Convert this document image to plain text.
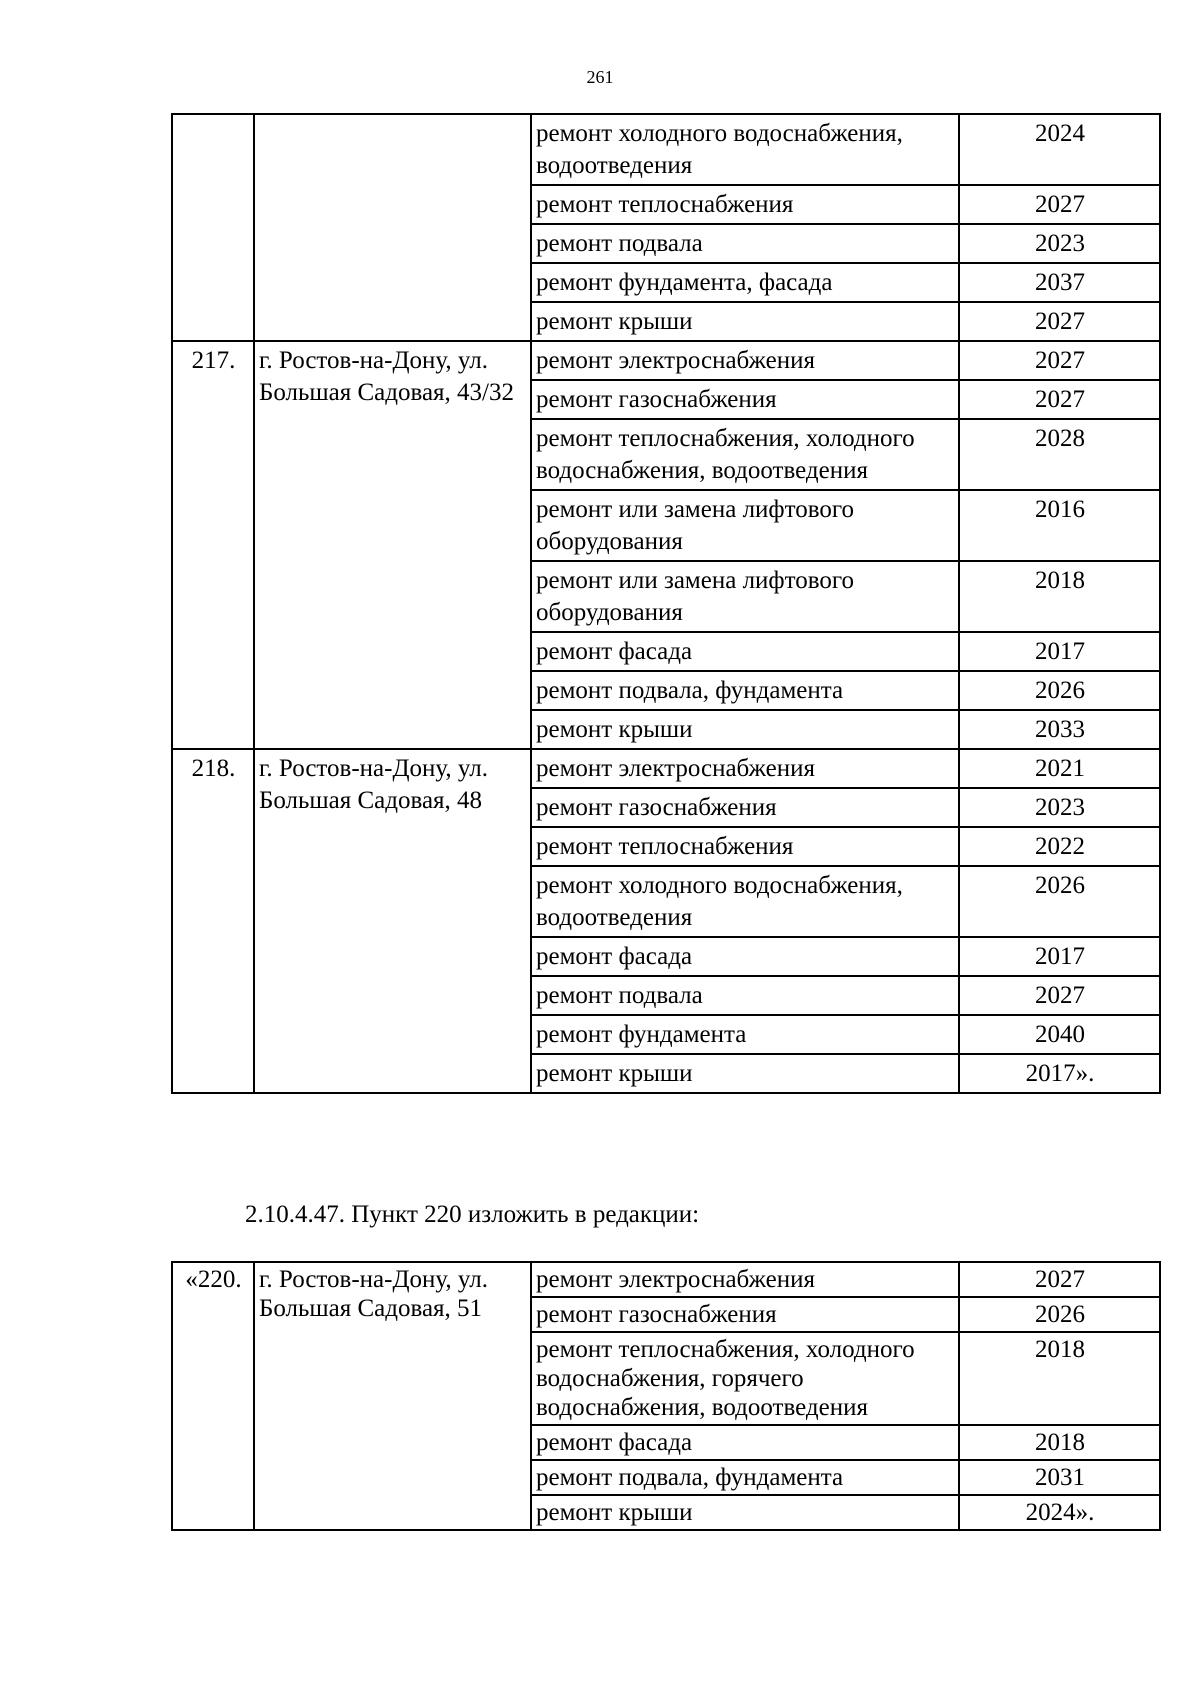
261
		ремонт холодного водоснабжения, водоотведения	2024
		ремонт теплоснабжения	2027
		ремонт подвала	2023
		ремонт фундамента, фасада	2037
		ремонт крыши	2027
217.	г. Ростов-на-Дону, ул. Большая Садовая, 43/32	ремонт электроснабжения	2027
		ремонт газоснабжения	2027
		ремонт теплоснабжения, холодного водоснабжения, водоотведения	2028
		ремонт или замена лифтового оборудования	2016
		ремонт или замена лифтового оборудования	2018
		ремонт фасада	2017
		ремонт подвала, фундамента	2026
		ремонт крыши	2033
218.	г. Ростов-на-Дону, ул. Большая Садовая, 48	ремонт электроснабжения	2021
		ремонт газоснабжения	2023
		ремонт теплоснабжения	2022
		ремонт холодного водоснабжения, водоотведения	2026
		ремонт фасада	2017
		ремонт подвала	2027
		ремонт фундамента	2040
		ремонт крыши	2017».
2.10.4.47. Пункт 220 изложить в редакции:
«220.	г. Ростов-на-Дону, ул. Большая Садовая, 51	ремонт электроснабжения	2027
		ремонт газоснабжения	2026
		ремонт теплоснабжения, холодного водоснабжения, горячего водоснабжения, водоотведения	2018
		ремонт фасада	2018
		ремонт подвала, фундамента	2031
		ремонт крыши	2024».
